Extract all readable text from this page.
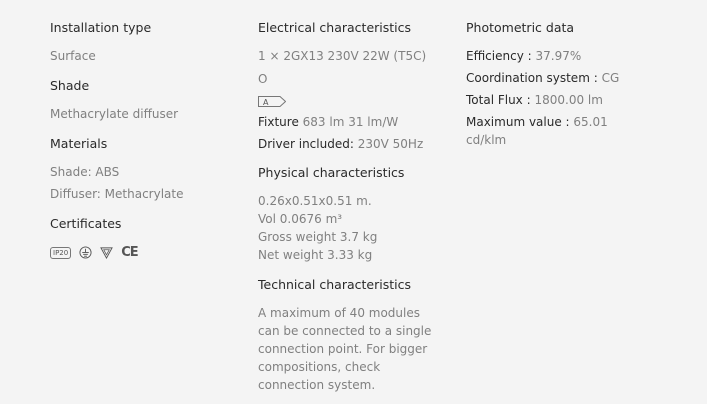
Installation type
Surface
Shade
Methacrylate diffuser
Materials
Shade: ABS
Diffuser: Methacrylate
Certificates
IP20	CE
Electrical characteristics
1 × 2GX13 230V 22W (T5C)
O
A
Fixture 683 lm 31 lm/W
Driver included: 230V 50Hz
Physical characteristics
0.26x0.51x0.51 m.
Vol 0.0676 m³
Gross weight 3.7 kg
Net weight 3.33 kg
Technical characteristics
A maximum of 40 modules can be connected to a single connection point. For bigger compositions, check connection system.
Photometric data
Efficiency : 37.97%
Coordination system : CG
Total Flux : 1800.00 lm
Maximum value : 65.01
cd/klm
